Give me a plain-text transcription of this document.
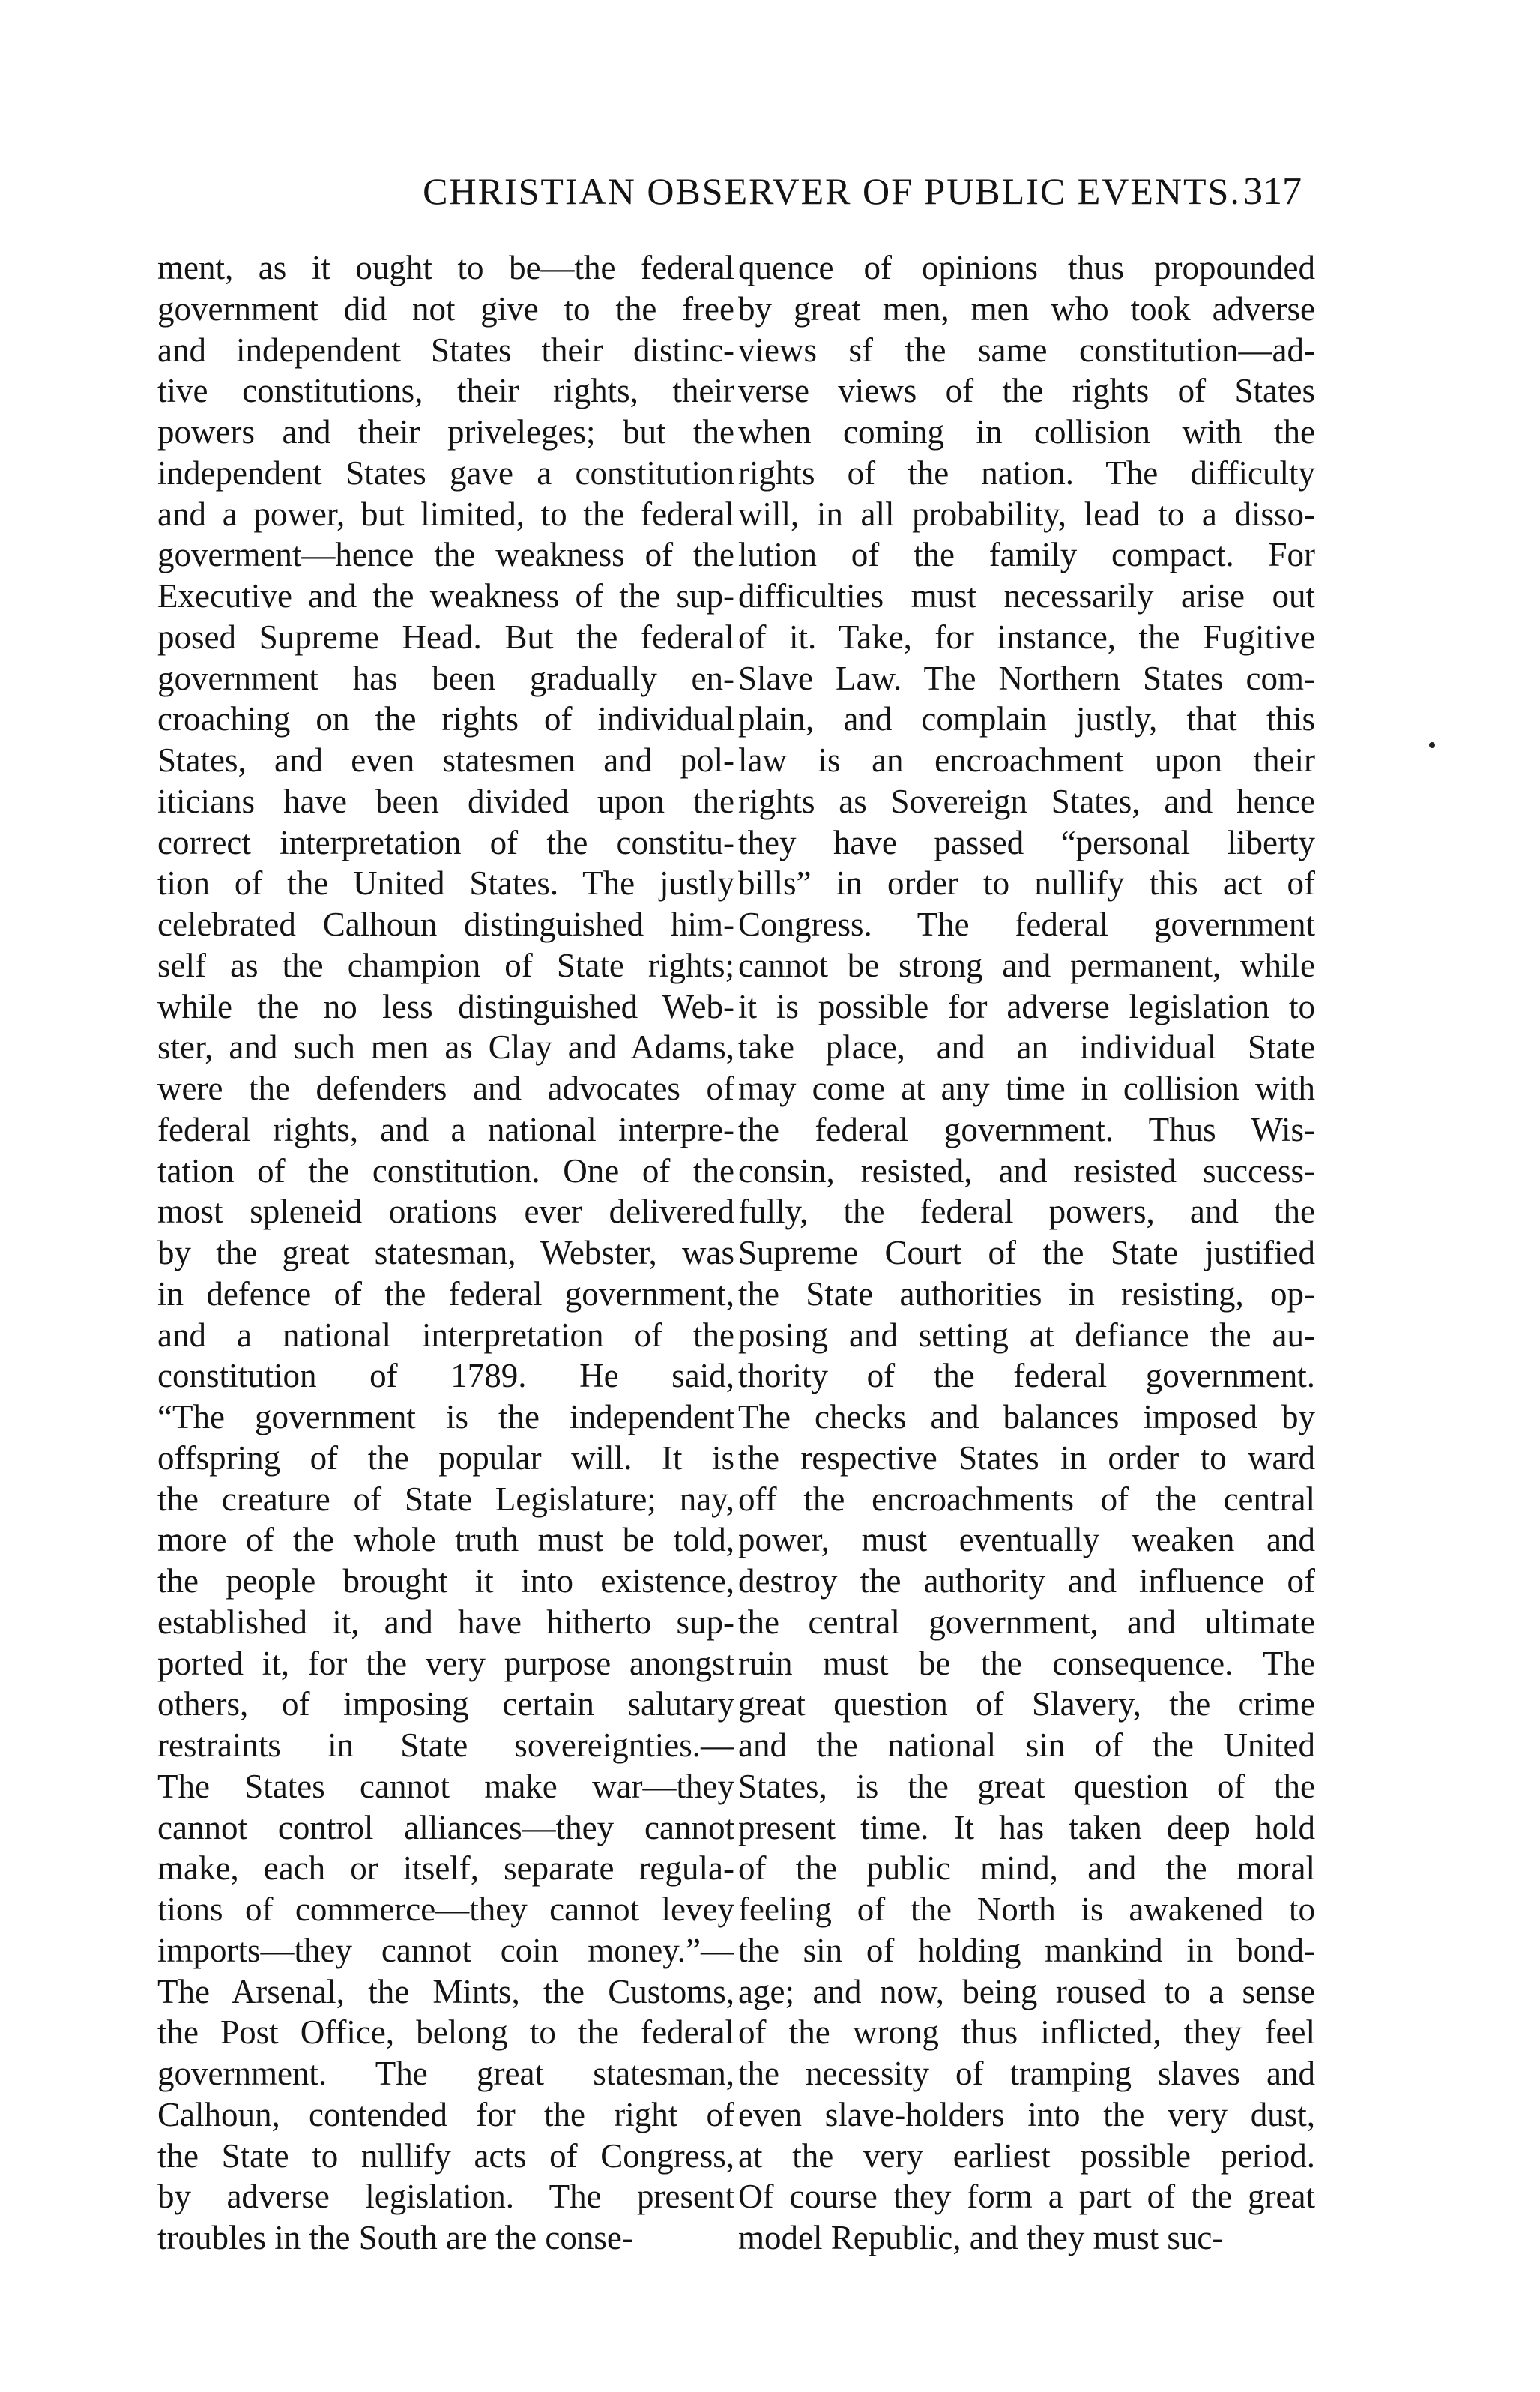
CHRISTIAN OBSERVER OF PUBLIC EVENTS. 317
ment, as it ought to be—the federal
government did not give to the free
and independent States their distinc-
tive constitutions, their rights, their
powers and their priveleges; but the
independent States gave a constitution
and a power, but limited, to the federal
goverment—hence the weakness of the
Executive and the weakness of the sup-
posed Supreme Head. But the federal
government has been gradually en-
croaching on the rights of individual
States, and even statesmen and pol-
iticians have been divided upon the
correct interpretation of the constitu-
tion of the United States. The justly
celebrated Calhoun distinguished him-
self as the champion of State rights;
while the no less distinguished Web-
ster, and such men as Clay and Adams,
were the defenders and advocates of
federal rights, and a national interpre-
tation of the constitution. One of the
most spleneid orations ever delivered
by the great statesman, Webster, was
in defence of the federal government,
and a national interpretation of the
constitution of 1789. He said,
“The government is the independent
offspring of the popular will. It is
the creature of State Legislature; nay,
more of the whole truth must be told,
the people brought it into existence,
established it, and have hitherto sup-
ported it, for the very purpose anongst
others, of imposing certain salutary
restraints in State sovereignties.—
The States cannot make war—they
cannot control alliances—they cannot
make, each or itself, separate regula-
tions of commerce—they cannot levey
imports—they cannot coin money.”—
The Arsenal, the Mints, the Customs,
the Post Office, belong to the federal
government. The great statesman,
Calhoun, contended for the right of
the State to nullify acts of Congress,
by adverse legislation. The present
troubles in the South are the conse-
quence of opinions thus propounded
by great men, men who took adverse
views sf the same constitution—ad-
verse views of the rights of States
when coming in collision with the
rights of the nation. The difficulty
will, in all probability, lead to a disso-
lution of the family compact. For
difficulties must necessarily arise out
of it. Take, for instance, the Fugitive
Slave Law. The Northern States com-
plain, and complain justly, that this
law is an encroachment upon their
rights as Sovereign States, and hence
they have passed “personal liberty
bills” in order to nullify this act of
Congress. The federal government
cannot be strong and permanent, while
it is possible for adverse legislation to
take place, and an individual State
may come at any time in collision with
the federal government. Thus Wis-
consin, resisted, and resisted success-
fully, the federal powers, and the
Supreme Court of the State justified
the State authorities in resisting, op-
posing and setting at defiance the au-
thority of the federal government.
The checks and balances imposed by
the respective States in order to ward
off the encroachments of the central
power, must eventually weaken and
destroy the authority and influence of
the central government, and ultimate
ruin must be the consequence. The
great question of Slavery, the crime
and the national sin of the United
States, is the great question of the
present time. It has taken deep hold
of the public mind, and the moral
feeling of the North is awakened to
the sin of holding mankind in bond-
age; and now, being roused to a sense
of the wrong thus inflicted, they feel
the necessity of tramping slaves and
even slave-holders into the very dust,
at the very earliest possible period.
Of course they form a part of the great
model Republic, and they must suc-
